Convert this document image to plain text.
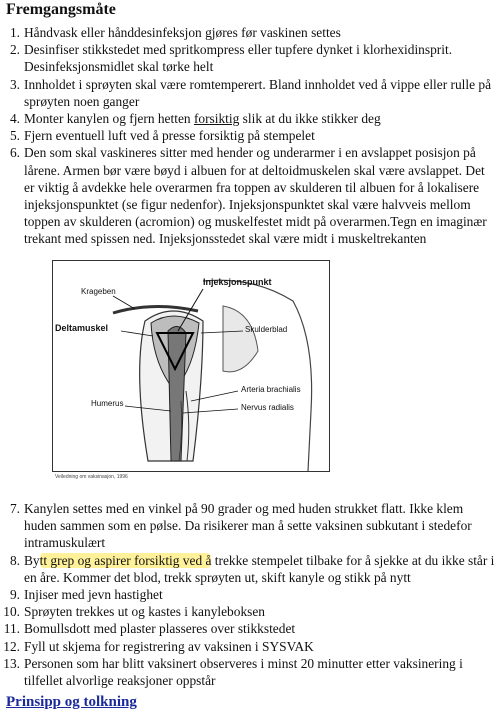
Fremgangsmåte
1. Håndvask eller hånddesinfeksjon gjøres før vaskinen settes
2. Desinfiser stikkstedet med spritkompress eller tupfere dynket i klorhexidinsprit. Desinfeksjonsmidlet skal tørke helt
3. Innholdet i sprøyten skal være romtemperert. Bland innholdet ved å vippe eller rulle på sprøyten noen ganger
4. Monter kanylen og fjern hetten forsiktig slik at du ikke stikker deg
5. Fjern eventuell luft ved å presse forsiktig på stempelet
6. Den som skal vaskineres sitter med hender og underarmer i en avslappet posisjon på lårene. Armen bør være bøyd i albuen for at deltoidmuskelen skal være avslappet. Det er viktig å avdekke hele overarmen fra toppen av skulderen til albuen for å lokalisere injeksjonspunktet (se figur nedenfor). Injeksjonspunktet skal være halvveis mellom toppen av skulderen (acromion) og muskelfestet midt på overarmen.Tegn en imaginær trekant med spissen ned. Injeksjonsstedet skal være midt i muskeltrekanten
Injeksjonspunkt
Krageben
Deltamuskel	Skulderblad
Humerus
Arteria brachialis
Nervus radialis
Veiledning om vaksinasjon, 1996
7. Kanylen settes med en vinkel på 90 grader og med huden strukket flatt. Ikke klem huden sammen som en pølse. Da risikerer man å sette vaksinen subkutant i stedefor intramuskulært
8. Bytt grep og aspirer forsiktig ved å trekke stempelet tilbake for å sjekke at du ikke står i en åre. Kommer det blod, trekk sprøyten ut, skift kanyle og stikk på nytt
9. Injiser med jevn hastighet
10. Sprøyten trekkes ut og kastes i kanyleboksen
11. Bomullsdott med plaster plasseres over stikkstedet
12. Fyll ut skjema for registrering av vaksinen i SYSVAK
13. Personen som har blitt vaksinert observeres i minst 20 minutter etter vaksinering i tilfellet alvorlige reaksjoner oppstår
Prinsipp og tolkning
